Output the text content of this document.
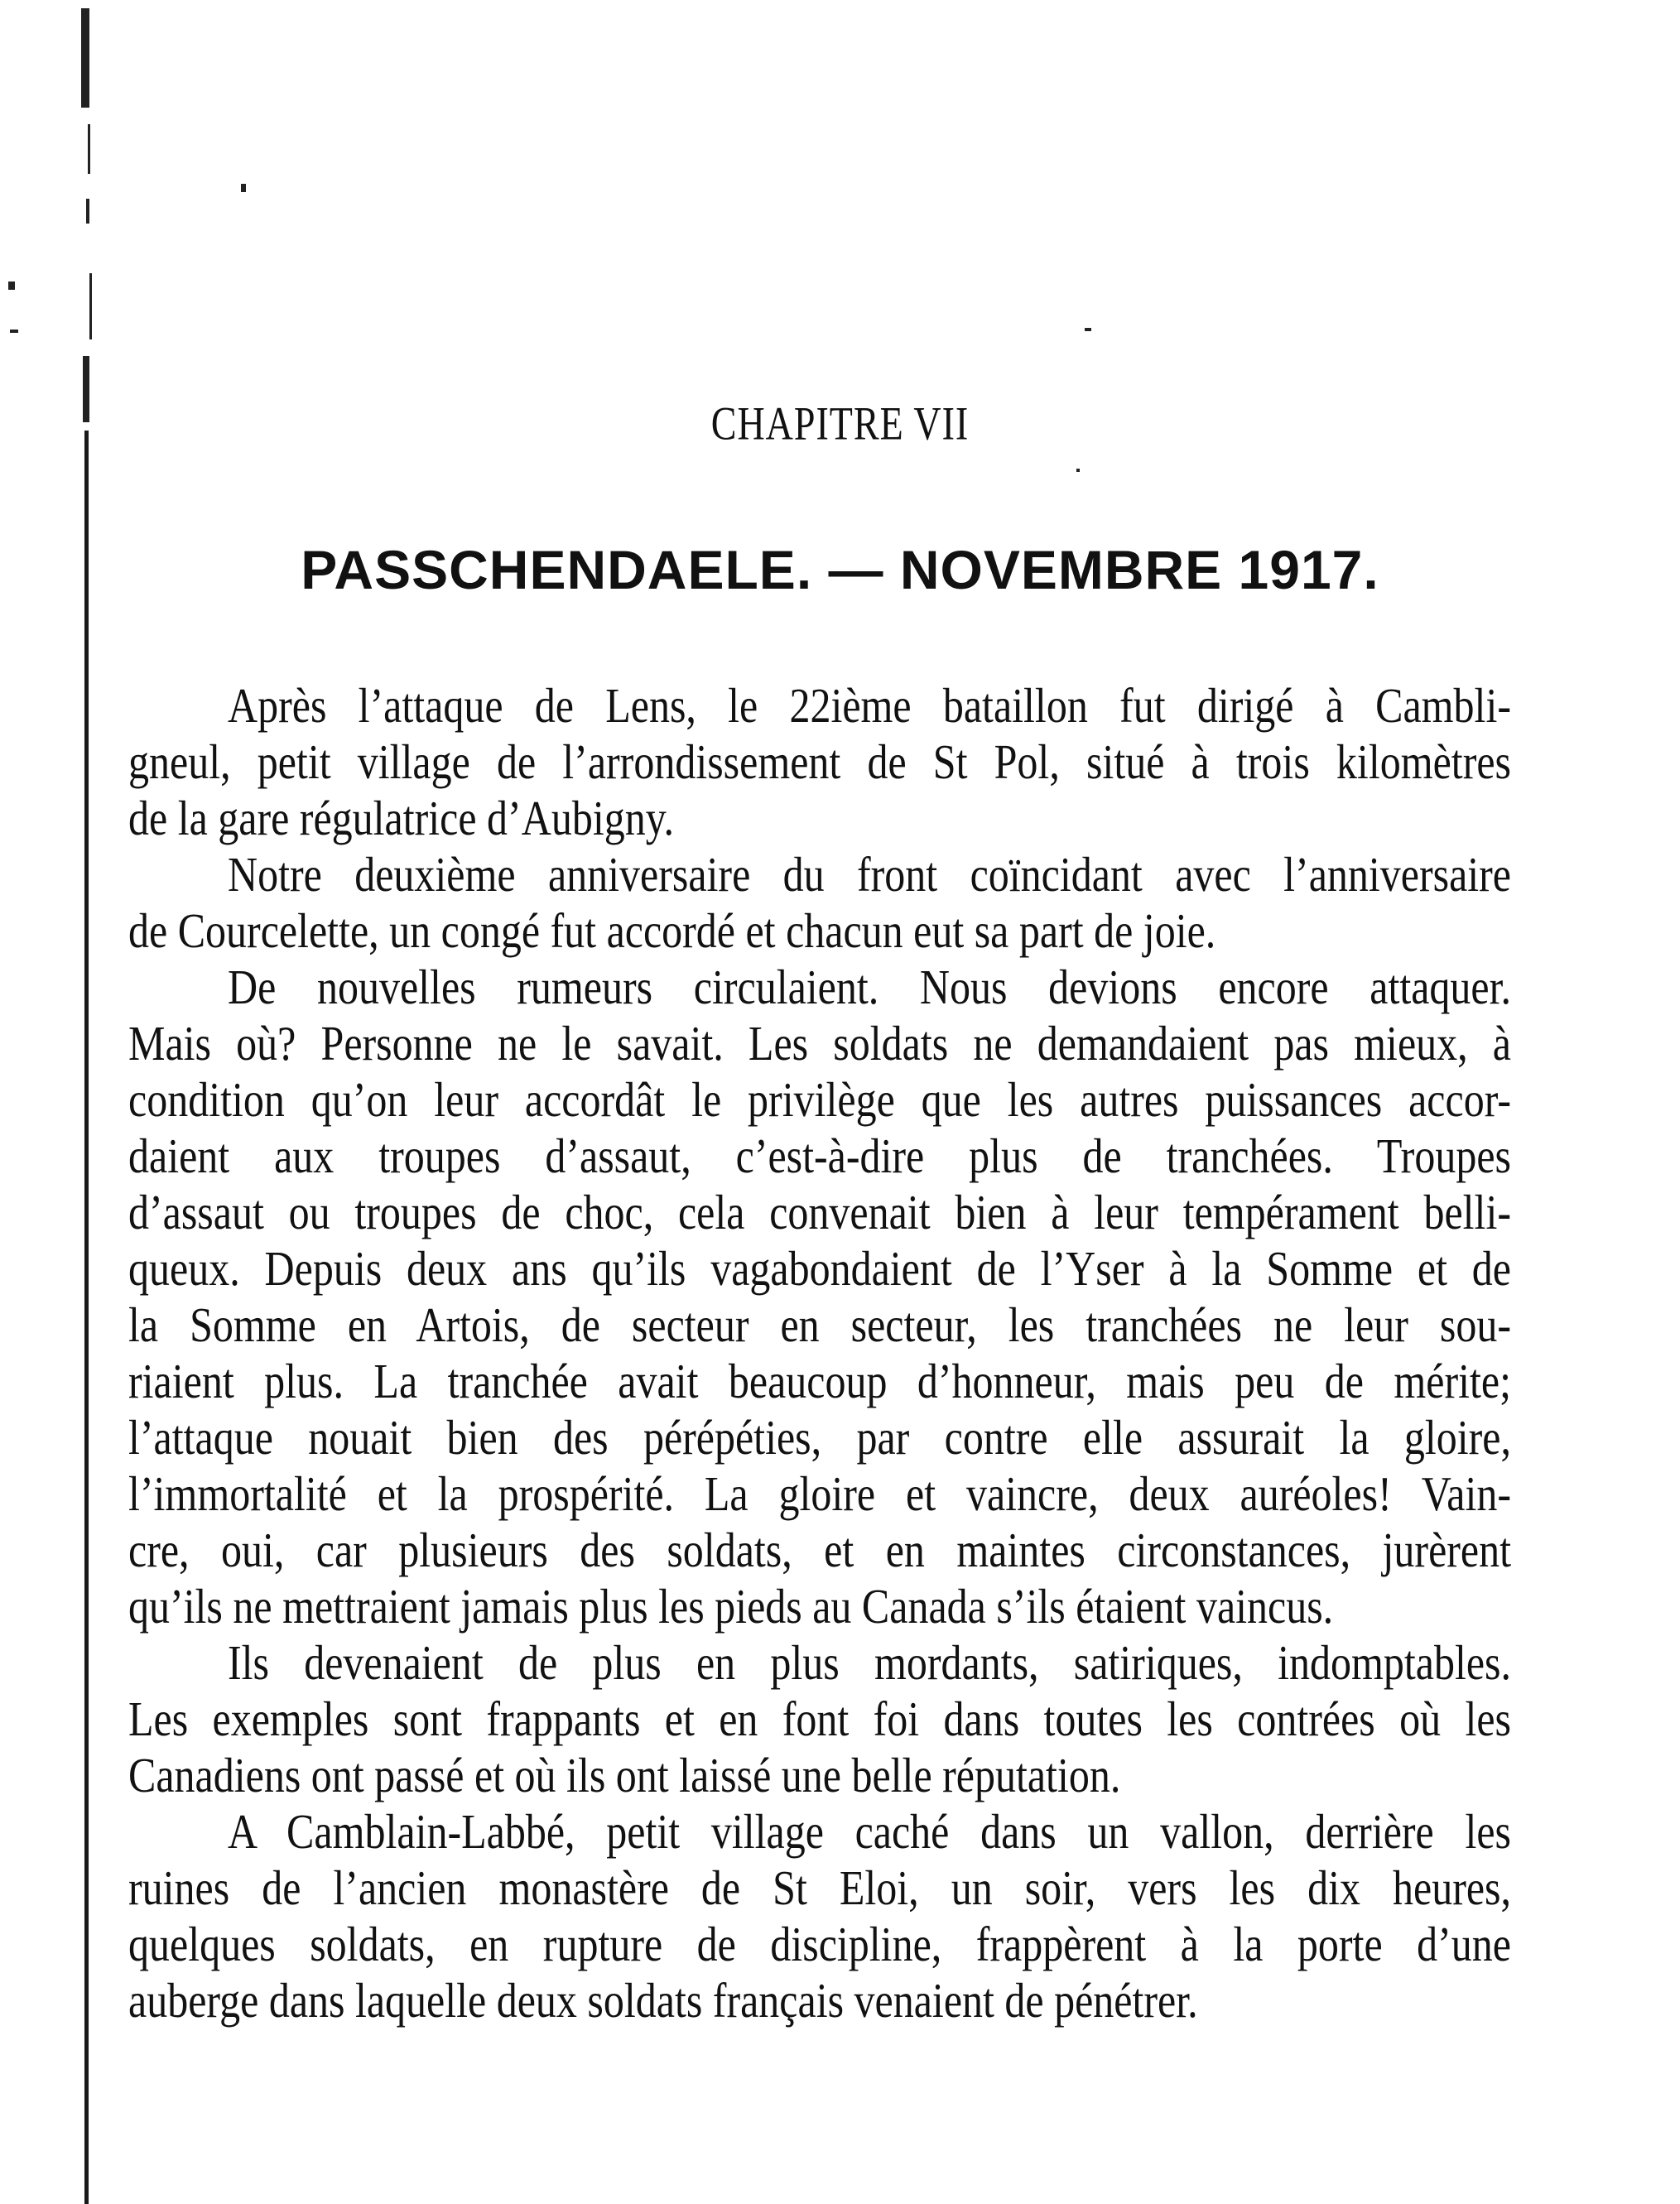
CHAPITRE VII
PASSCHENDAELE. — NOVEMBRE 1917.
Après l’attaque de Lens, le 22ième bataillon fut dirigé à Cambli-
gneul, petit village de l’arrondissement de St Pol, situé à trois kilomètres
de la gare régulatrice d’Aubigny.
Notre deuxième anniversaire du front coïncidant avec l’anniversaire
de Courcelette, un congé fut accordé et chacun eut sa part de joie.
De nouvelles rumeurs circulaient. Nous devions encore attaquer.
Mais où? Personne ne le savait. Les soldats ne demandaient pas mieux, à
condition qu’on leur accordât le privilège que les autres puissances accor-
daient aux troupes d’assaut, c’est-à-dire plus de tranchées. Troupes
d’assaut ou troupes de choc, cela convenait bien à leur tempérament belli-
queux. Depuis deux ans qu’ils vagabondaient de l’Yser à la Somme et de
la Somme en Artois, de secteur en secteur, les tranchées ne leur sou-
riaient plus. La tranchée avait beaucoup d’honneur, mais peu de mérite;
l’attaque nouait bien des pérépéties, par contre elle assurait la gloire,
l’immortalité et la prospérité. La gloire et vaincre, deux auréoles! Vain-
cre, oui, car plusieurs des soldats, et en maintes circonstances, jurèrent
qu’ils ne mettraient jamais plus les pieds au Canada s’ils étaient vaincus.
Ils devenaient de plus en plus mordants, satiriques, indomptables.
Les exemples sont frappants et en font foi dans toutes les contrées où les
Canadiens ont passé et où ils ont laissé une belle réputation.
A Camblain-Labbé, petit village caché dans un vallon, derrière les
ruines de l’ancien monastère de St Eloi, un soir, vers les dix heures,
quelques soldats, en rupture de discipline, frappèrent à la porte d’une
auberge dans laquelle deux soldats français venaient de pénétrer.
